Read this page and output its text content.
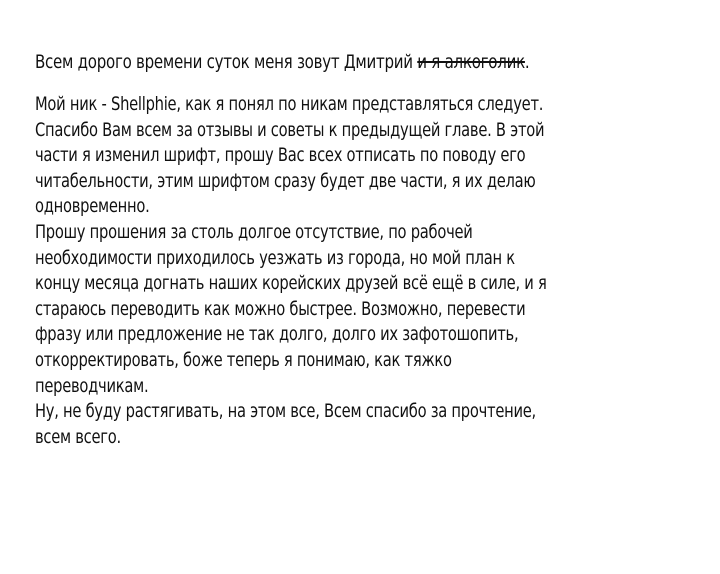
Всем дорого времени суток меня зовут Дмитрий и я алкоголик.
Мой ник - Shellphie, как я понял по никам представляться следует.
Спасибо Вам всем за отзывы и советы к предыдущей главе. В этой
части я изменил шрифт, прошу Вас всех отписать по поводу его
читабельности, этим шрифтом сразу будет две части, я их делаю
одновременно.
Прошу прошения за столь долгое отсутствие, по рабочей
необходимости приходилось уезжать из города, но мой план к
концу месяца догнать наших корейских друзей всё ещё в силе, и я
стараюсь переводить как можно быстрее. Возможно, перевести
фразу или предложение не так долго, долго их зафотошопить,
откорректировать, боже теперь я понимаю, как тяжко
переводчикам.
Ну, не буду растягивать, на этом все, Всем спасибо за прочтение,
всем всего.
